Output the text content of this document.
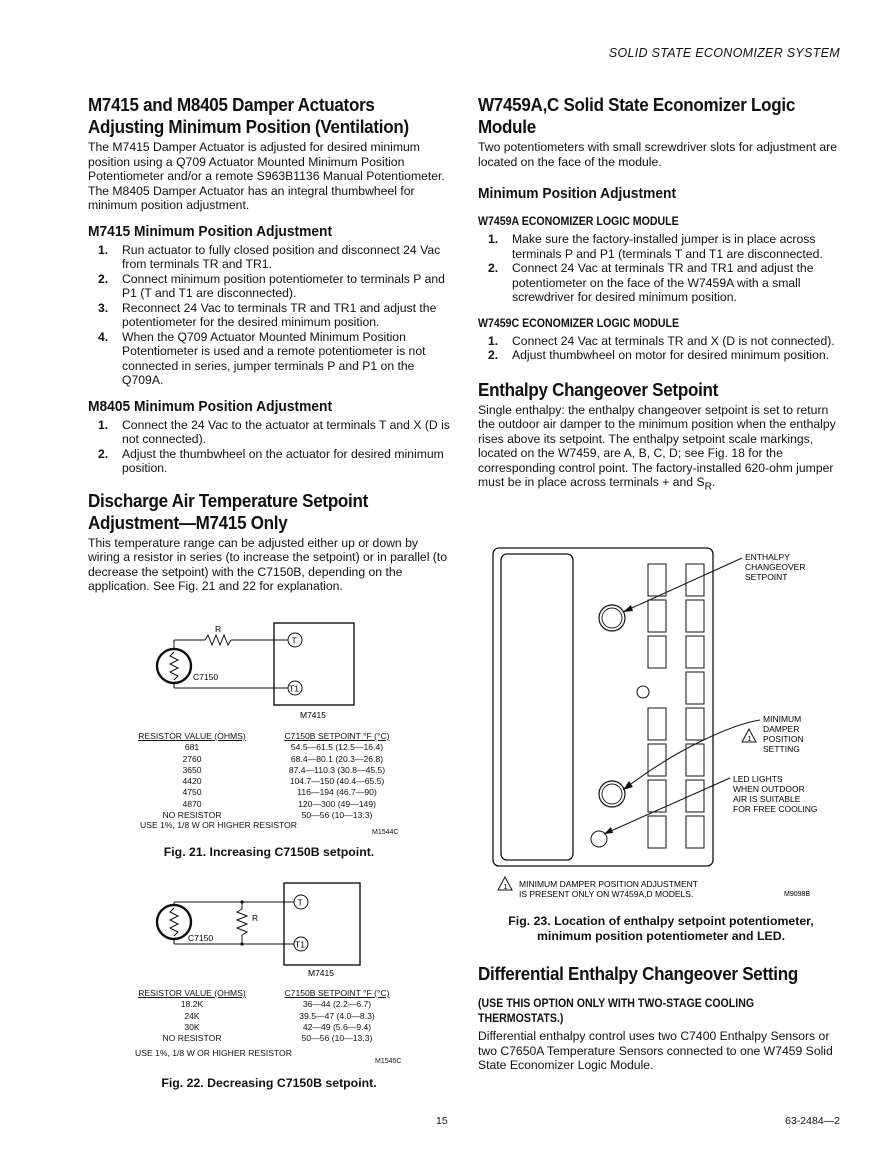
SOLID STATE ECONOMIZER SYSTEM
M7415 and M8405 Damper Actuators
Adjusting Minimum Position (Ventilation)

The M7415 Damper Actuator is adjusted for desired minimum position using a Q709 Actuator Mounted Minimum Position Potentiometer and/or a remote S963B1136 Manual Potentiometer. The M8405 Damper Actuator has an integral thumbwheel for minimum position adjustment.

M7415 Minimum Position Adjustment
1. Run actuator to fully closed position and disconnect 24 Vac from terminals TR and TR1.
2. Connect minimum position potentiometer to terminals P and P1 (T and T1 are disconnected).
3. Reconnect 24 Vac to terminals TR and TR1 and adjust the potentiometer for the desired minimum position.
4. When the Q709 Actuator Mounted Minimum Position Potentiometer is used and a remote potentiometer is not connected in series, jumper terminals P and P1 on the Q709A.
M8405 Minimum Position Adjustment
1. Connect the 24 Vac to the actuator at terminals T and X (D is not connected).
2. Adjust the thumbwheel on the actuator for desired minimum position.
Discharge Air Temperature Setpoint
Adjustment—M7415 Only

This temperature range can be adjusted either up or down by wiring a resistor in series (to increase the setpoint) or in parallel (to decrease the setpoint) with the C7150B, depending on the application. See Fig. 21 and 22 for explanation.

T
T1
R
C7150
M7415
RESISTOR VALUE (OHMS)	C7150B SETPOINT °F (°C)
681	54.5—61.5 (12.5—16.4)
2760	68.4—80.1 (20.3—26.8)
3650	87.4—110.3 (30.8—45.5)
4420	104.7—150 (40.4—65.5)
4750	116—194 (46.7—90)
4870	120—300 (49—149)
NO RESISTOR	50—56 (10—13.3)
USE 1%, 1/8 W OR HIGHER RESISTOR
M1544C
Fig. 21. Increasing C7150B setpoint.
T
T1
R
C7150
M7415
RESISTOR VALUE (OHMS)	C7150B SETPOINT °F (°C)
18.2K	36—44 (2.2—6.7)
24K	39.5—47 (4.0—8.3)
30K	42—49 (5.6—9.4)
NO RESISTOR	50—56 (10—13.3)
USE 1%, 1/8 W OR HIGHER RESISTOR
M1545C
Fig. 22. Decreasing C7150B setpoint.
W7459A,C Solid State Economizer Logic
Module

Two potentiometers with small screwdriver slots for adjustment are located on the face of the module.

Minimum Position Adjustment
W7459A ECONOMIZER LOGIC MODULE
1. Make sure the factory-installed jumper is in place across terminals P and P1 (terminals T and T1 are disconnected.
2. Connect 24 Vac at terminals TR and TR1 and adjust the potentiometer on the face of the W7459A with a small screwdriver for desired minimum position.
W7459C ECONOMIZER LOGIC MODULE
1. Connect 24 Vac at terminals TR and X (D is not connected).
2. Adjust thumbwheel on motor for desired minimum position.
Enthalpy Changeover Setpoint

Single enthalpy: the enthalpy changeover setpoint is set to return the outdoor air damper to the minimum position when the enthalpy rises above its setpoint. The enthalpy setpoint scale markings, located on the W7459, are A, B, C, D; see Fig. 18 for the corresponding control point. The factory-installed 620-ohm jumper must be in place across terminals + and $S_R$.

ENTHALPY
CHANGEOVER
SETPOINT
MINIMUM
DAMPER
POSITION
SETTING
LED LIGHTS
WHEN OUTDOOR
AIR IS SUITABLE
FOR FREE COOLING
1
1 MINIMUM DAMPER POSITION ADJUSTMENT
IS PRESENT ONLY ON W7459A,D MODELS.	M9098B
Fig. 23. Location of enthalpy setpoint potentiometer,
minimum position potentiometer and LED.
Differential Enthalpy Changeover Setting
(USE THIS OPTION ONLY WITH TWO-STAGE COOLING
THERMOSTATS.)

Differential enthalpy control uses two C7400 Enthalpy Sensors or two C7650A Temperature Sensors connected to one W7459 Solid State Economizer Logic Module.

15	63-2484—2
